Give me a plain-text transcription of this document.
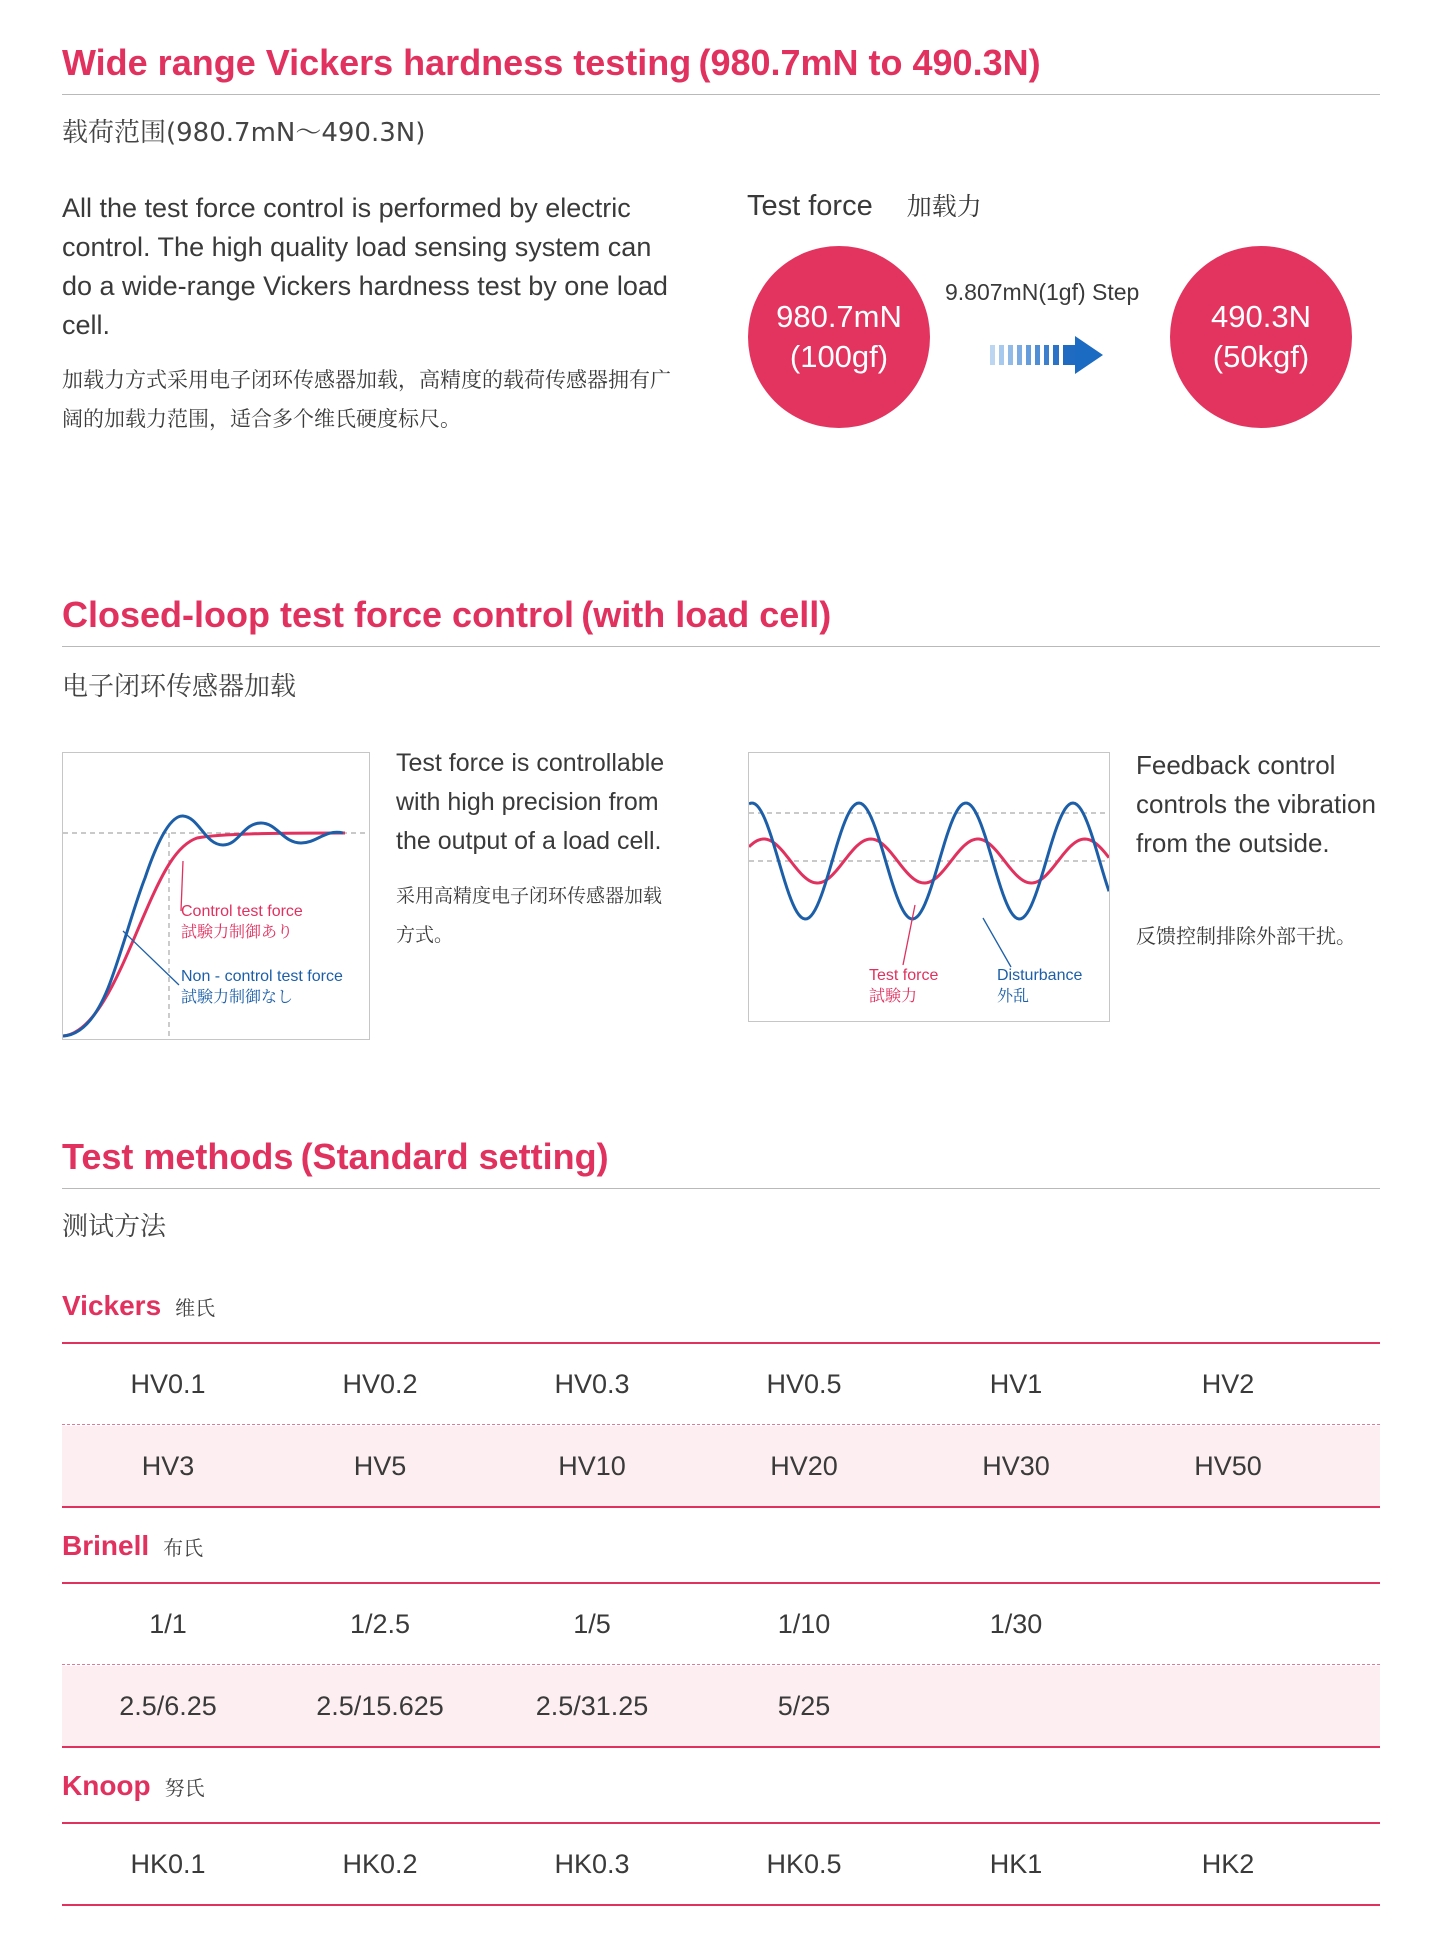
Wide range Vickers hardness testing (980.7mN to 490.3N)
载荷范围(980.7mN～490.3N)
All the test force control is performed by electric control. The high quality load sensing system can do a wide-range Vickers hardness test by one load cell.
加载力方式采用电子闭环传感器加载，高精度的载荷传感器拥有广阔的加载力范围，适合多个维氏硬度标尺。
Test force 加载力
980.7mN
(100gf)
490.3N
(50kgf)
9.807mN(1gf) Step
Closed-loop test force control (with load cell)
电子闭环传感器加载
Control test force
試験力制御あり
Non - control test force
試験力制御なし
Test force is controllable with high precision from the output of a load cell.
采用高精度电子闭环传感器加载方式。
Test force
試験力
Disturbance
外乱
Feedback control controls the vibration from the outside.
反馈控制排除外部干扰。
Test methods (Standard setting)
测试方法
Vickers 维氏
HV0.1	HV0.2	HV0.3	HV0.5	HV1	HV2
HV3	HV5	HV10	HV20	HV30	HV50
Brinell 布氏
1/1	1/2.5	1/5	1/10	1/30
2.5/6.25	2.5/15.625	2.5/31.25	5/25
Knoop 努氏
HK0.1	HK0.2	HK0.3	HK0.5	HK1	HK2
